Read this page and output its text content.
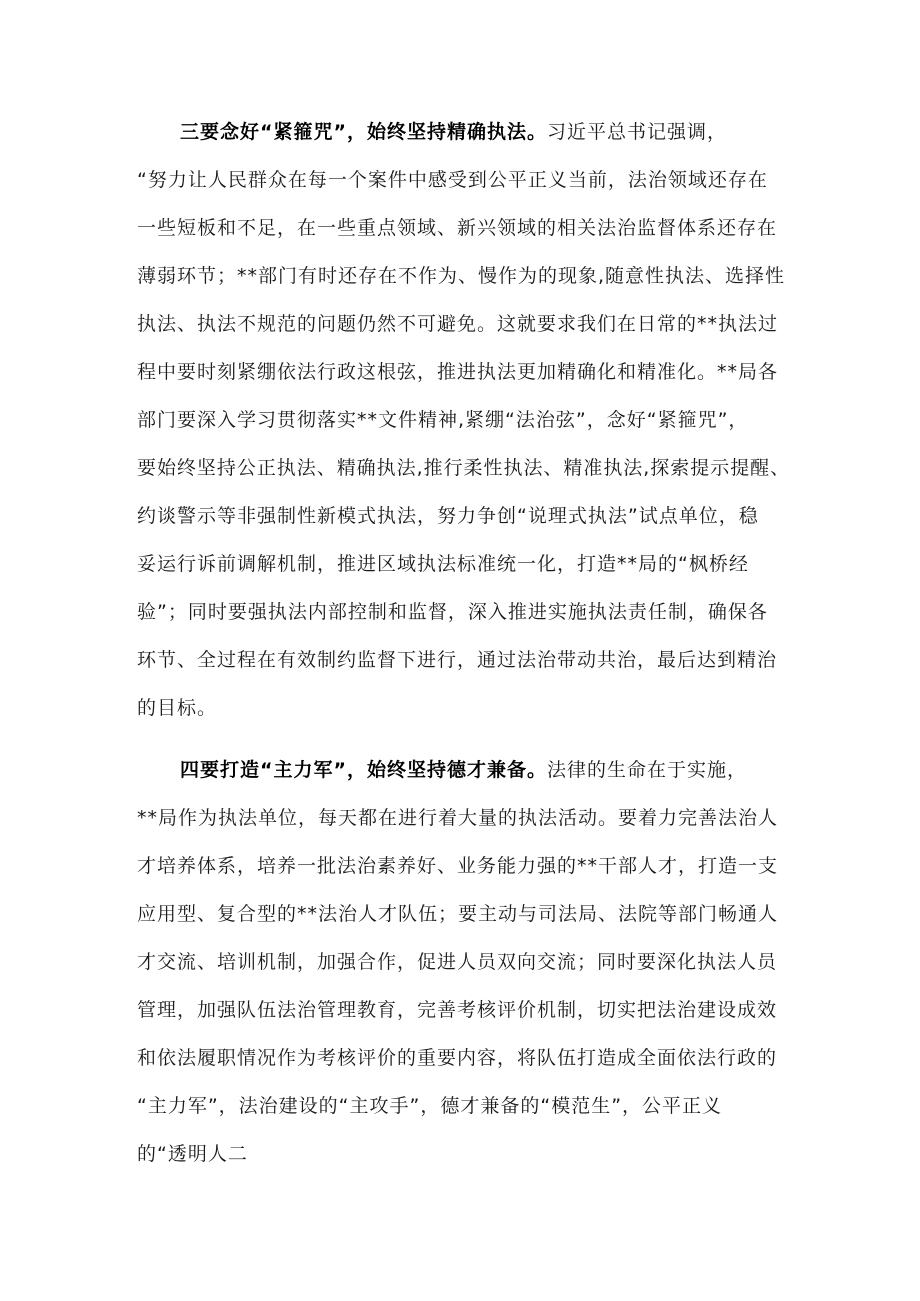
三要念好“紧箍咒”，始终坚持精确执法。习近平总书记强调，
“努力让人民群众在每一个案件中感受到公平正义当前，法治领域还存在
一些短板和不足，在一些重点领域、新兴领域的相关法治监督体系还存在
薄弱环节；**部门有时还存在不作为、慢作为的现象,随意性执法、选择性
执法、执法不规范的问题仍然不可避免。这就要求我们在日常的**执法过
程中要时刻紧绷依法行政这根弦，推进执法更加精确化和精准化。**局各
部门要深入学习贯彻落实**文件精神,紧绷“法治弦”，念好“紧箍咒”，
要始终坚持公正执法、精确执法,推行柔性执法、精准执法,探索提示提醒、
约谈警示等非强制性新模式执法，努力争创“说理式执法”试点单位，稳
妥运行诉前调解机制，推进区域执法标准统一化，打造**局的“枫桥经
验”；同时要强执法内部控制和监督，深入推进实施执法责任制，确保各
环节、全过程在有效制约监督下进行，通过法治带动共治，最后达到精治
的目标。
四要打造“主力军”，始终坚持德才兼备。法律的生命在于实施，
**局作为执法单位，每天都在进行着大量的执法活动。要着力完善法治人
才培养体系，培养一批法治素养好、业务能力强的**干部人才，打造一支
应用型、复合型的**法治人才队伍；要主动与司法局、法院等部门畅通人
才交流、培训机制，加强合作，促进人员双向交流；同时要深化执法人员
管理，加强队伍法治管理教育，完善考核评价机制，切实把法治建设成效
和依法履职情况作为考核评价的重要内容，将队伍打造成全面依法行政的
“主力军”，法治建设的“主攻手”，德才兼备的“模范生”，公平正义
的“透明人二
